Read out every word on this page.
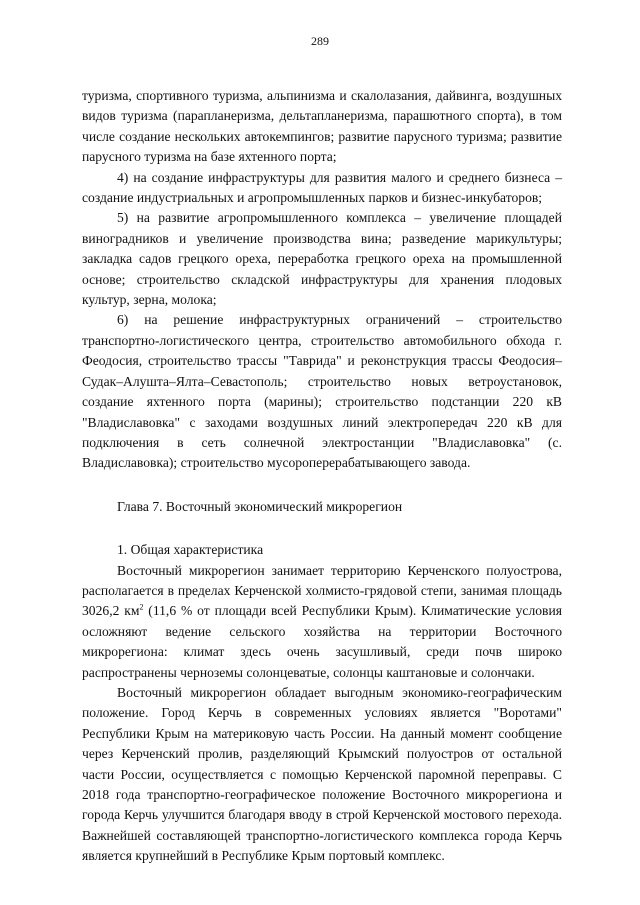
289

туризма, спортивного туризма, альпинизма и скалолазания, дайвинга, воздушных видов туризма (парапланеризма, дельтапланеризма, парашютного спорта), в том числе создание нескольких автокемпингов; развитие парусного туризма; развитие парусного туризма на базе яхтенного порта;

4) на создание инфраструктуры для развития малого и среднего бизнеса – создание индустриальных и агропромышленных парков и бизнес-инкубаторов;

5) на развитие агропромышленного комплекса – увеличение площадей виноградников и увеличение производства вина; разведение марикультуры; закладка садов грецкого ореха, переработка грецкого ореха на промышленной основе; строительство складской инфраструктуры для хранения плодовых культур, зерна, молока;

6) на решение инфраструктурных ограничений – строительство транспортно-логистического центра, строительство автомобильного обхода г. Феодосия, строительство трассы "Таврида" и реконструкция трассы Феодосия–Судак–Алушта–Ялта–Севастополь; строительство новых ветроустановок, создание яхтенного порта (марины); строительство подстанции 220 кВ "Владиславовка" с заходами воздушных линий электропередач 220 кВ для подключения в сеть солнечной электростанции "Владиславовка" (с. Владиславовка); строительство мусороперерабатывающего завода.

Глава 7. Восточный экономический микрорегион

1. Общая характеристика

Восточный микрорегион занимает территорию Керченского полуострова, располагается в пределах Керченской холмисто-грядовой степи, занимая площадь 3026,2 $км^2$ (11,6 % от площади всей Республики Крым). Климатические условия осложняют ведение сельского хозяйства на территории Восточного микрорегиона: климат здесь очень засушливый, среди почв широко распространены черноземы солонцеватые, солонцы каштановые и солончаки.

Восточный микрорегион обладает выгодным экономико-географическим положение. Город Керчь в современных условиях является "Воротами" Республики Крым на материковую часть России. На данный момент сообщение через Керченский пролив, разделяющий Крымский полуостров от остальной части России, осуществляется с помощью Керченской паромной переправы. С 2018 года транспортно-географическое положение Восточного микрорегиона и города Керчь улучшится благодаря вводу в строй Керченской мостового перехода. Важнейшей составляющей транспортно-логистического комплекса города Керчь является крупнейший в Республике Крым портовый комплекс.
